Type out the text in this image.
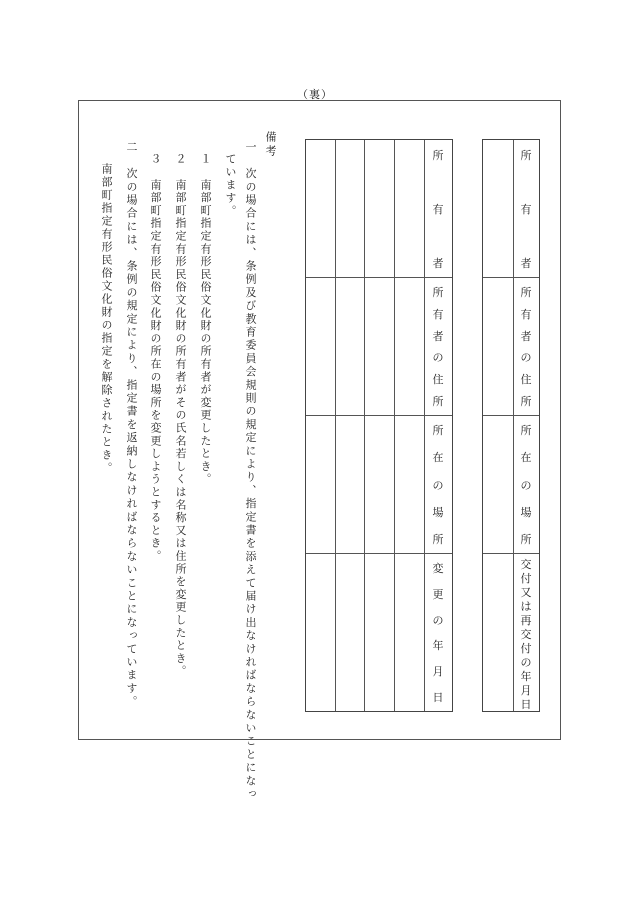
（裏）
所
有
者
所
有
者
の
住
所
所
在
の
場
所
交
付
又
は
再
交
付
の
年
月
日
所
有
者
所
有
者
の
住
所
所
在
の
場
所
変
更
の
年
月
日
備考
一　次の場合には、条例及び教育委員会規則の規定により、指定書を添えて届け出なければならないことになっ
ています。
１　南部町指定有形民俗文化財の所有者が変更したとき。
２　南部町指定有形民俗文化財の所有者がその氏名若しくは名称又は住所を変更したとき。
３　南部町指定有形民俗文化財の所在の場所を変更しようとするとき。
二　次の場合には、条例の規定により、指定書を返納しなければならないことになっています。
南部町指定有形民俗文化財の指定を解除されたとき。
